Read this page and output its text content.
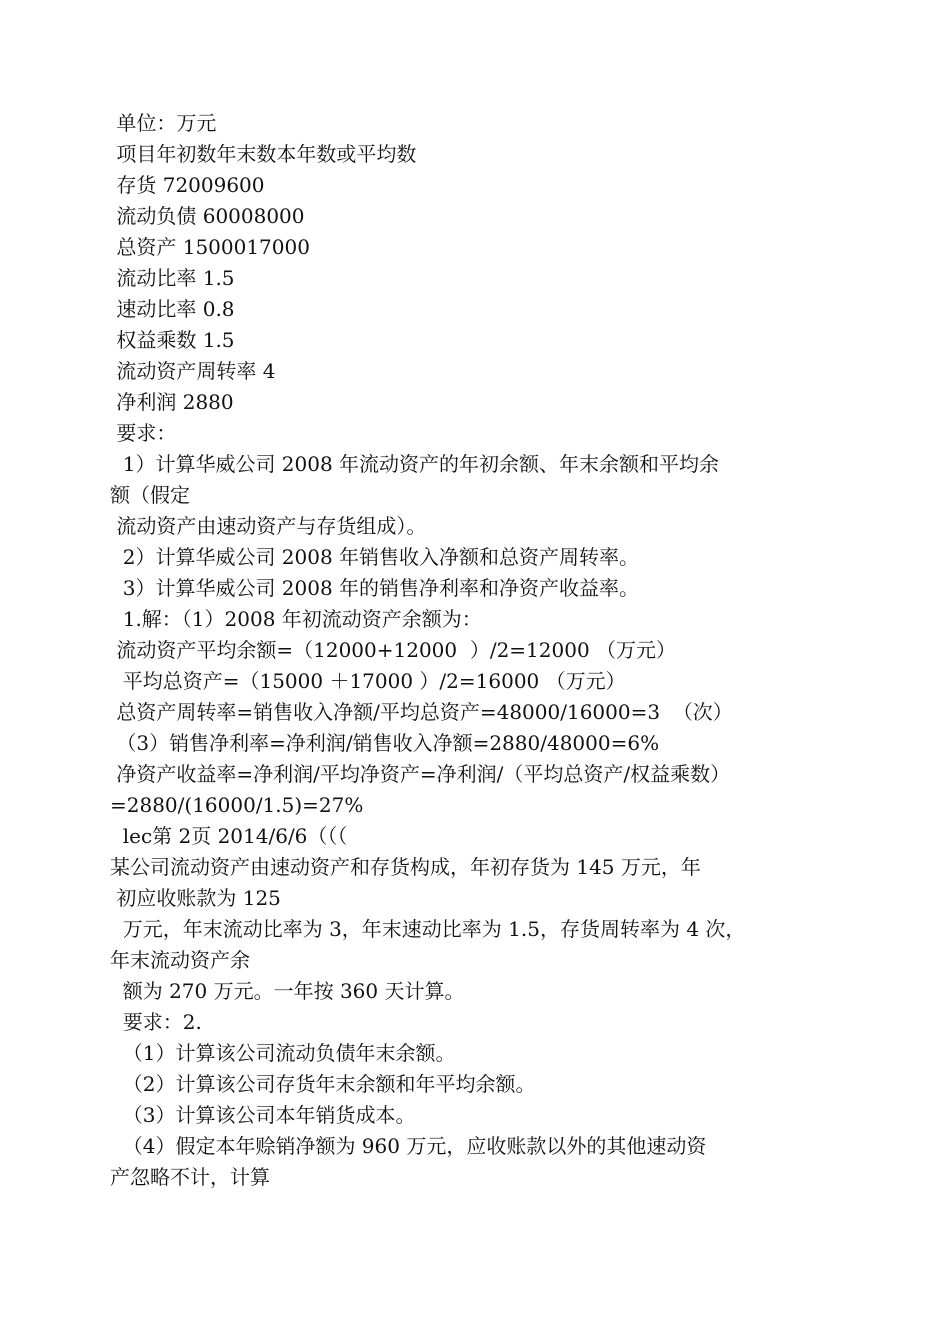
单位：万元
项目年初数年末数本年数或平均数
存货 72009600
流动负债 60008000
总资产 1500017000
流动比率 1.5
速动比率 0.8
权益乘数 1.5
流动资产周转率 4
净利润 2880
要求：
1）计算华威公司 2008 年流动资产的年初余额、年末余额和平均余
额（假定
流动资产由速动资产与存货组成）。
2）计算华威公司 2008 年销售收入净额和总资产周转率。
3）计算华威公司 2008 年的销售净利率和净资产收益率。
1.解：（1）2008 年初流动资产余额为：
流动资产平均余额=（12000+12000  ）/2=12000 （万元）
平均总资产=（15000 ＋17000 ）/2=16000 （万元）
总资产周转率=销售收入净额/平均总资产=48000/16000=3  （次）
（3）销售净利率=净利润/销售收入净额=2880/48000=6%
净资产收益率=净利润/平均净资产=净利润/（平均总资产/权益乘数）
=2880/(16000/1.5)=27%
lec第 2页 2014/6/6（（（
某公司流动资产由速动资产和存货构成，年初存货为 145 万元，年
初应收账款为 125
万元，年末流动比率为 3，年末速动比率为 1.5，存货周转率为 4 次，
年末流动资产余
额为 270 万元。一年按 360 天计算。
要求：2.
（1）计算该公司流动负债年末余额。
（2）计算该公司存货年末余额和年平均余额。
（3）计算该公司本年销货成本。
（4）假定本年赊销净额为 960 万元，应收账款以外的其他速动资
产忽略不计，计算
